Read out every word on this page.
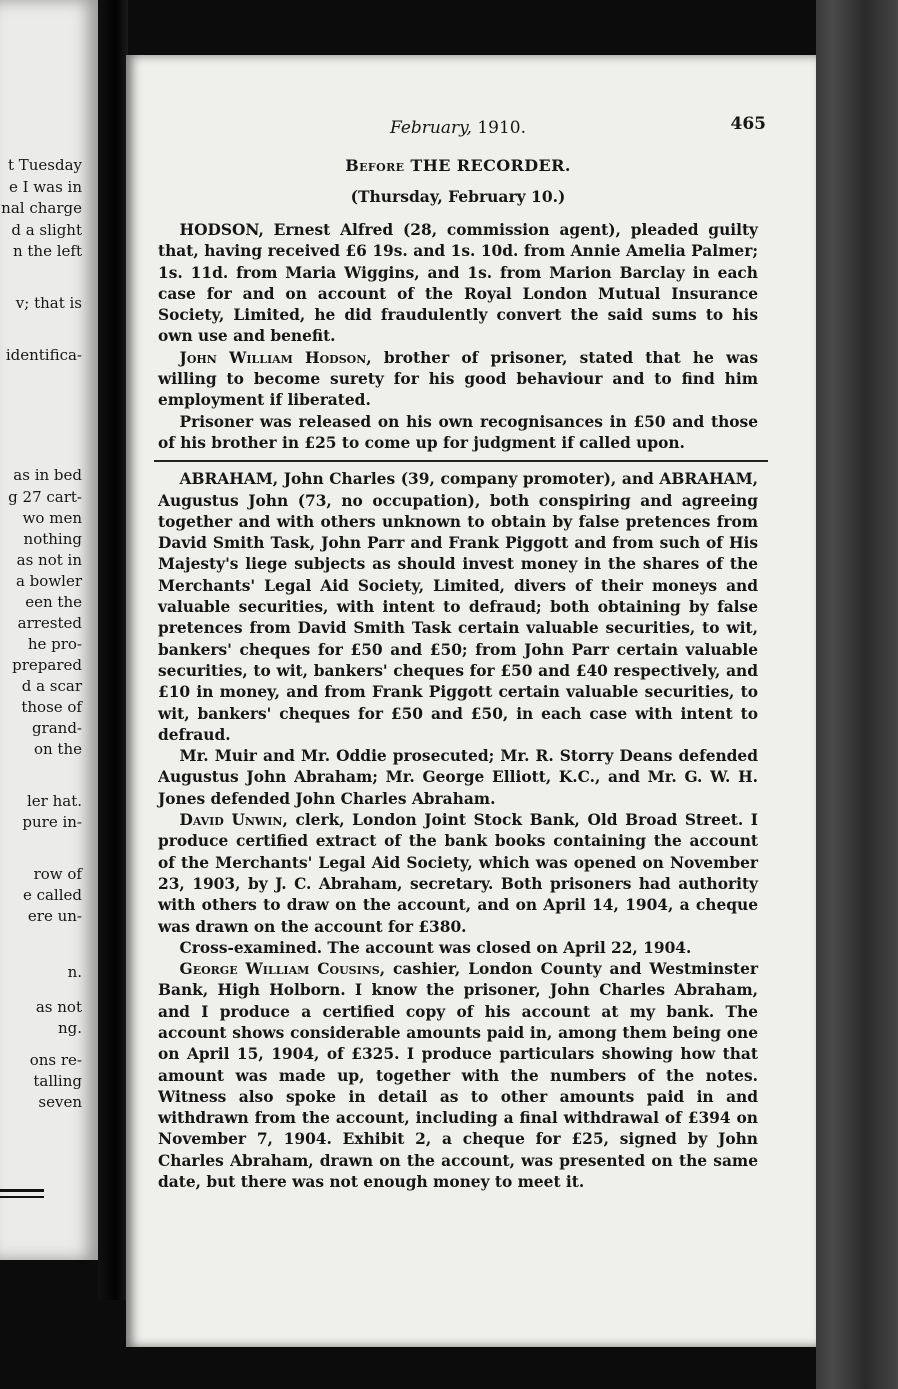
t Tuesday
e I was in
nal charge
d a slight
n the left
v; that is
identifica-
as in bed
g 27 cart-
wo men
nothing
as not in
a bowler
een the
arrested
he pro-
prepared
d a scar
those of
grand-
on the
ler hat.
pure in-
row of
e called
ere un-
n.
as not
ng.
ons re-
talling
seven
February, 1910.	465
Before THE RECORDER.
(Thursday, February 10.)

HODSON, Ernest Alfred (28, commission agent), pleaded guilty that, having received £6 19s. and 1s. 10d. from Annie Amelia Palmer; 1s. 11d. from Maria Wiggins, and 1s. from Marion Barclay in each case for and on account of the Royal London Mutual Insurance Society, Limited, he did fraudulently convert the said sums to his own use and benefit.

John William Hodson, brother of prisoner, stated that he was willing to become surety for his good behaviour and to find him employment if liberated.

Prisoner was released on his own recognisances in £50 and those of his brother in £25 to come up for judgment if called upon.

ABRAHAM, John Charles (39, company promoter), and ABRAHAM, Augustus John (73, no occupation), both conspiring and agreeing together and with others unknown to obtain by false pretences from David Smith Task, John Parr and Frank Piggott and from such of His Majesty's liege subjects as should invest money in the shares of the Merchants' Legal Aid Society, Limited, divers of their moneys and valuable securities, with intent to defraud; both obtaining by false pretences from David Smith Task certain valuable securities, to wit, bankers' cheques for £50 and £50; from John Parr certain valuable securities, to wit, bankers' cheques for £50 and £40 respectively, and £10 in money, and from Frank Piggott certain valuable securities, to wit, bankers' cheques for £50 and £50, in each case with intent to defraud.

Mr. Muir and Mr. Oddie prosecuted; Mr. R. Storry Deans defended Augustus John Abraham; Mr. George Elliott, K.C., and Mr. G. W. H. Jones defended John Charles Abraham.

David Unwin, clerk, London Joint Stock Bank, Old Broad Street. I produce certified extract of the bank books containing the account of the Merchants' Legal Aid Society, which was opened on November 23, 1903, by J. C. Abraham, secretary. Both prisoners had authority with others to draw on the account, and on April 14, 1904, a cheque was drawn on the account for £380.

Cross-examined. The account was closed on April 22, 1904.

George William Cousins, cashier, London County and Westminster Bank, High Holborn. I know the prisoner, John Charles Abraham, and I produce a certified copy of his account at my bank. The account shows considerable amounts paid in, among them being one on April 15, 1904, of £325. I produce particulars showing how that amount was made up, together with the numbers of the notes. Witness also spoke in detail as to other amounts paid in and withdrawn from the account, including a final withdrawal of £394 on November 7, 1904. Exhibit 2, a cheque for £25, signed by John Charles Abraham, drawn on the account, was presented on the same date, but there was not enough money to meet it.
